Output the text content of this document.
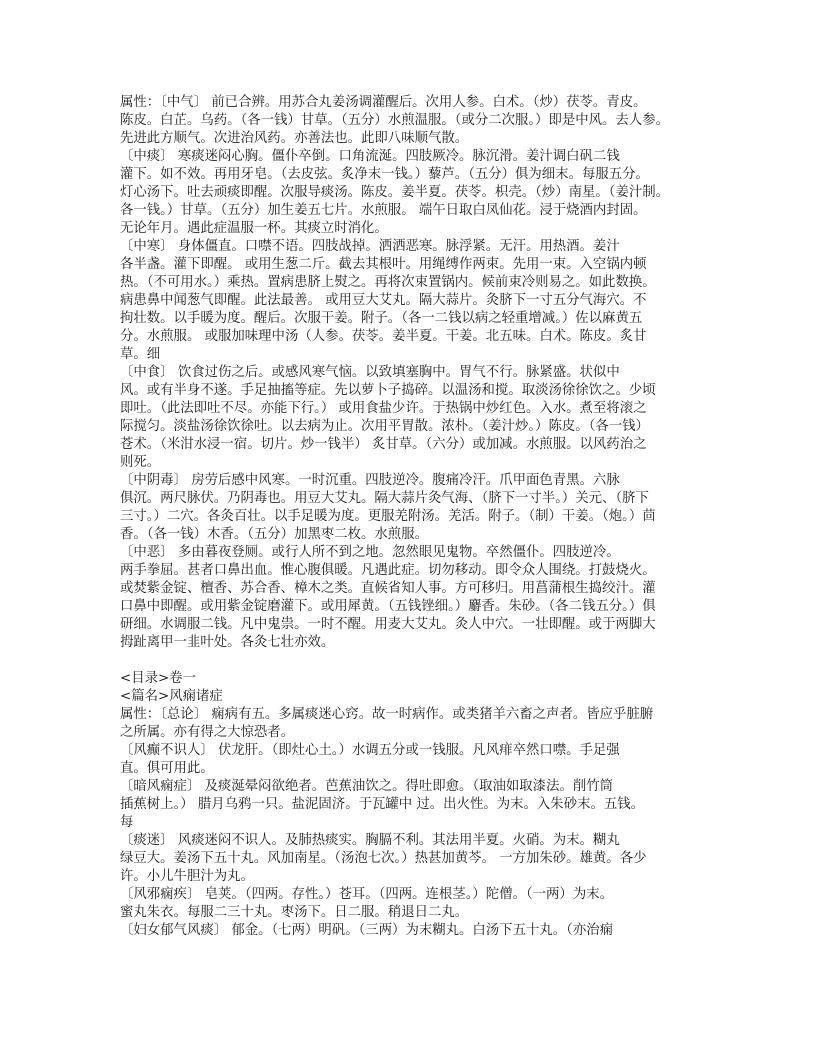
属性：〔中气〕 前已合辨。用苏合丸姜汤调灌醒后。次用人参。白术。（炒）茯苓。青皮。
陈皮。白芷。乌药。（各一钱）甘草。（五分）水煎温服。（或分二次服。）即是中风。去人参。
先进此方顺气。次进治风药。亦善法也。此即八味顺气散。
〔中痰〕 寒痰迷闷心胸。僵仆卒倒。口角流涎。四肢厥冷。脉沉滑。姜汁调白矾二钱
灌下。如不效。再用牙皂。（去皮弦。炙净末一钱。）藜芦。（五分）俱为细末。每服五分。
灯心汤下。吐去顽痰即醒。次服导痰汤。陈皮。姜半夏。茯苓。枳壳。（炒）南星。（姜汁制。
各一钱。）甘草。（五分）加生姜五七片。水煎服。 端午日取白凤仙花。浸于烧酒内封固。
无论年月。遇此症温服一杯。其痰立时消化。
〔中寒〕 身体僵直。口噤不语。四肢战掉。洒洒恶寒。脉浮紧。无汗。用热酒。姜汁
各半盏。灌下即醒。 或用生葱二斤。截去其根叶。用绳缚作两束。先用一束。入空锅内顿
热。（不可用水。）乘热。置病患脐上熨之。再将次束置锅内。候前束冷则易之。如此数换。
病患鼻中闻葱气即醒。此法最善。 或用豆大艾丸。隔大蒜片。灸脐下一寸五分气海穴。不
拘壮数。以手暖为度。醒后。次服干姜。附子。（各一二钱以病之轻重增减。）佐以麻黄五
分。水煎服。 或服加味理中汤（人参。茯苓。姜半夏。干姜。北五味。白术。陈皮。炙甘
草。细
〔中食〕 饮食过伤之后。或感风寒气恼。以致填塞胸中。胃气不行。脉紧盛。状似中
风。或有半身不遂。手足抽搐等症。先以萝卜子捣碎。以温汤和搅。取淡汤徐徐饮之。少顷
即吐。（此法即吐不尽。亦能下行。） 或用食盐少许。于热锅中炒红色。入水。煮至将滚之
际搅匀。淡盐汤徐饮徐吐。以去病为止。次用平胃散。浓朴。（姜汁炒。）陈皮。（各一钱）
苍术。（米泔水浸一宿。切片。炒一钱半） 炙甘草。（六分）或加减。水煎服。以风药治之
则死。
〔中阴毒〕 房劳后感中风寒。一时沉重。四肢逆冷。腹痛冷汗。爪甲面色青黑。六脉
俱沉。两尺脉伏。乃阴毒也。用豆大艾丸。隔大蒜片灸气海、（脐下一寸半。）关元、（脐下
三寸。）二穴。各灸百壮。以手足暖为度。更服羌附汤。羌活。附子。（制）干姜。（炮。）茴
香。（各一钱）木香。（五分）加黑枣二枚。水煎服。
〔中恶〕 多由暮夜登厕。或行人所不到之地。忽然眼见鬼物。卒然僵仆。四肢逆冷。
两手拳屈。甚者口鼻出血。惟心腹俱暖。凡遇此症。切勿移动。即令众人围绕。打鼓烧火。
或焚紫金锭、檀香、苏合香、樟木之类。直候省知人事。方可移归。用菖蒲根生捣绞汁。灌
口鼻中即醒。或用紫金锭磨灌下。或用犀黄。（五钱锉细。）麝香。朱砂。（各二钱五分。）俱
研细。水调服二钱。凡中鬼祟。一时不醒。用麦大艾丸。灸人中穴。一壮即醒。或于两脚大
拇趾离甲一韭叶处。各灸七壮亦效。
<目录>卷一
<篇名>风痫诸症
属性：〔总论〕 痫病有五。多属痰迷心窍。故一时病作。或类猪羊六畜之声者。皆应乎脏腑
之所属。亦有得之大惊恐者。
〔风癫不识人〕 伏龙肝。（即灶心土。）水调五分或一钱服。凡风痱卒然口噤。手足强
直。俱可用此。
〔暗风痫症〕 及痰涎晕闷欲绝者。芭蕉油饮之。得吐即愈。（取油如取漆法。削竹筒
插蕉树上。） 腊月乌鸦一只。盐泥固济。于瓦罐中 过。出火性。为末。入朱砂末。五钱。
每
〔痰迷〕 风痰迷闷不识人。及肺热痰实。胸膈不利。其法用半夏。火硝。为末。糊丸
绿豆大。姜汤下五十丸。风加南星。（汤泡七次。）热甚加黄芩。 一方加朱砂。雄黄。各少
许。小儿牛胆汁为丸。
〔风邪痫疾〕 皂荚。（四两。存性。）苍耳。（四两。连根茎。）陀僧。（一两）为末。
蜜丸朱衣。每服二三十丸。枣汤下。日二服。稍退日二丸。
〔妇女郁气风痰〕 郁金。（七两）明矾。（三两）为末糊丸。白汤下五十丸。（亦治痫
